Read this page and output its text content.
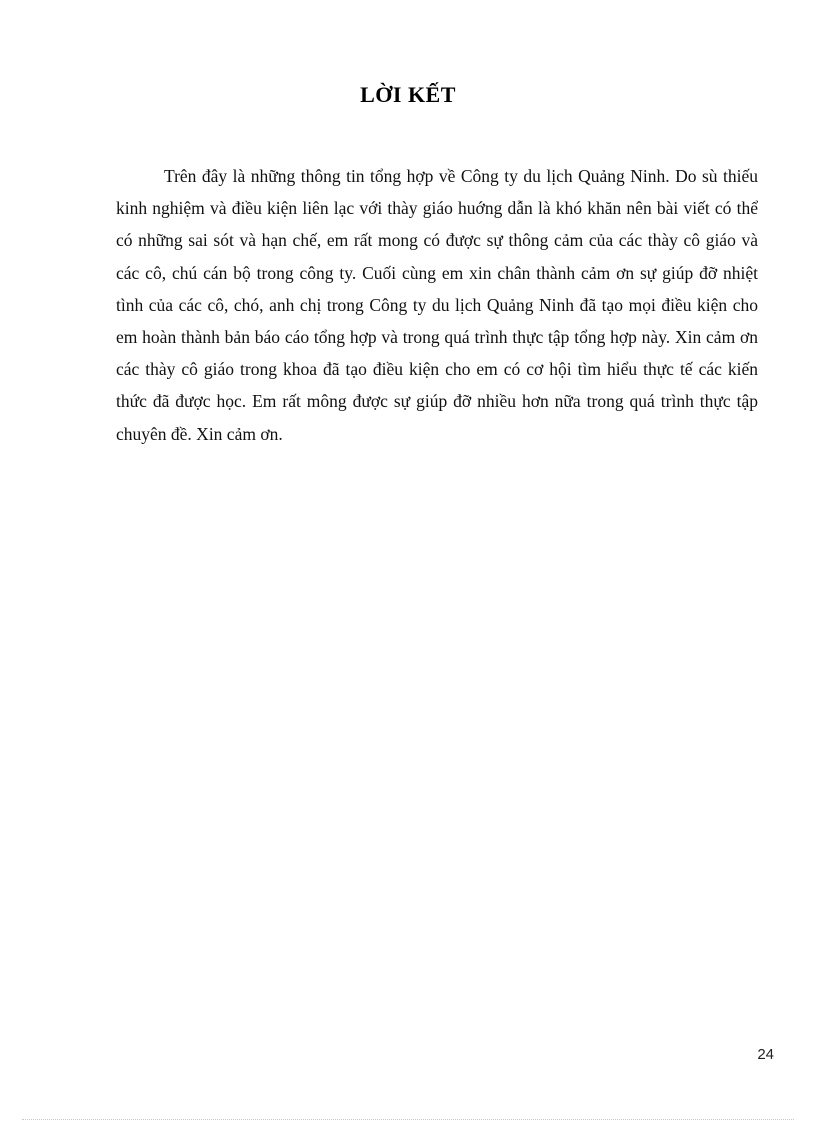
LỜI KẾT

Trên đây là những thông tin tổng hợp về Công ty du lịch Quảng Ninh. Do sù thiếu kinh nghiệm và điều kiện liên lạc với thày giáo huớng dẫn là khó khăn nên bài viết có thể có những sai sót và hạn chế, em rất mong có được sự thông cảm của các thày cô giáo và các cô, chú cán bộ trong công ty. Cuối cùng em xin chân thành cảm ơn sự giúp đỡ nhiệt tình của các cô, chó, anh chị trong Công ty du lịch Quảng Ninh đã tạo mọi điều kiện cho em hoàn thành bản báo cáo tổng hợp và trong quá trình thực tập tổng hợp này. Xin cảm ơn các thày cô giáo trong khoa đã tạo điều kiện cho em có cơ hội tìm hiểu thực tế các kiến thức đã được học. Em rất mông được sự giúp đỡ nhiều hơn nữa trong quá trình thực tập chuyên đề. Xin cảm ơn.

24
